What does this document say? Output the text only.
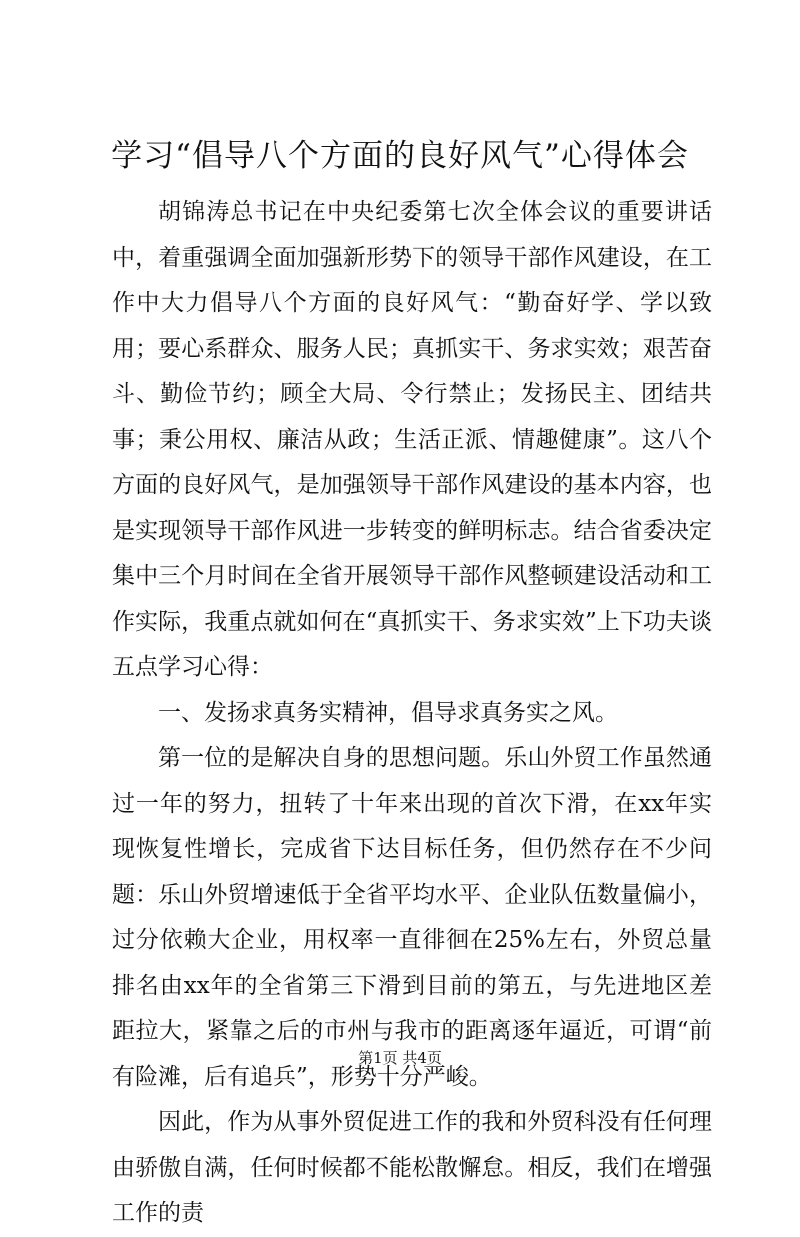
学习“倡导八个方面的良好风气”心得体会

胡锦涛总书记在中央纪委第七次全体会议的重要讲话中，着重强调全面加强新形势下的领导干部作风建设，在工作中大力倡导八个方面的良好风气：“勤奋好学、学以致用；要心系群众、服务人民；真抓实干、务求实效；艰苦奋斗、勤俭节约；顾全大局、令行禁止；发扬民主、团结共事；秉公用权、廉洁从政；生活正派、情趣健康”。这八个方面的良好风气，是加强领导干部作风建设的基本内容，也是实现领导干部作风进一步转变的鲜明标志。结合省委决定集中三个月时间在全省开展领导干部作风整顿建设活动和工作实际，我重点就如何在“真抓实干、务求实效”上下功夫谈五点学习心得：

一、发扬求真务实精神，倡导求真务实之风。

第一位的是解决自身的思想问题。乐山外贸工作虽然通过一年的努力，扭转了十年来出现的首次下滑，在xx年实现恢复性增长，完成省下达目标任务，但仍然存在不少问题：乐山外贸增速低于全省平均水平、企业队伍数量偏小，过分依赖大企业，用权率一直徘徊在25%左右，外贸总量排名由xx年的全省第三下滑到目前的第五，与先进地区差距拉大，紧靠之后的市州与我市的距离逐年逼近，可谓“前有险滩，后有追兵”，形势十分严峻。

因此，作为从事外贸促进工作的我和外贸科没有任何理由骄傲自满，任何时候都不能松散懈怠。相反，我们在增强工作的责

第1页 共4页
